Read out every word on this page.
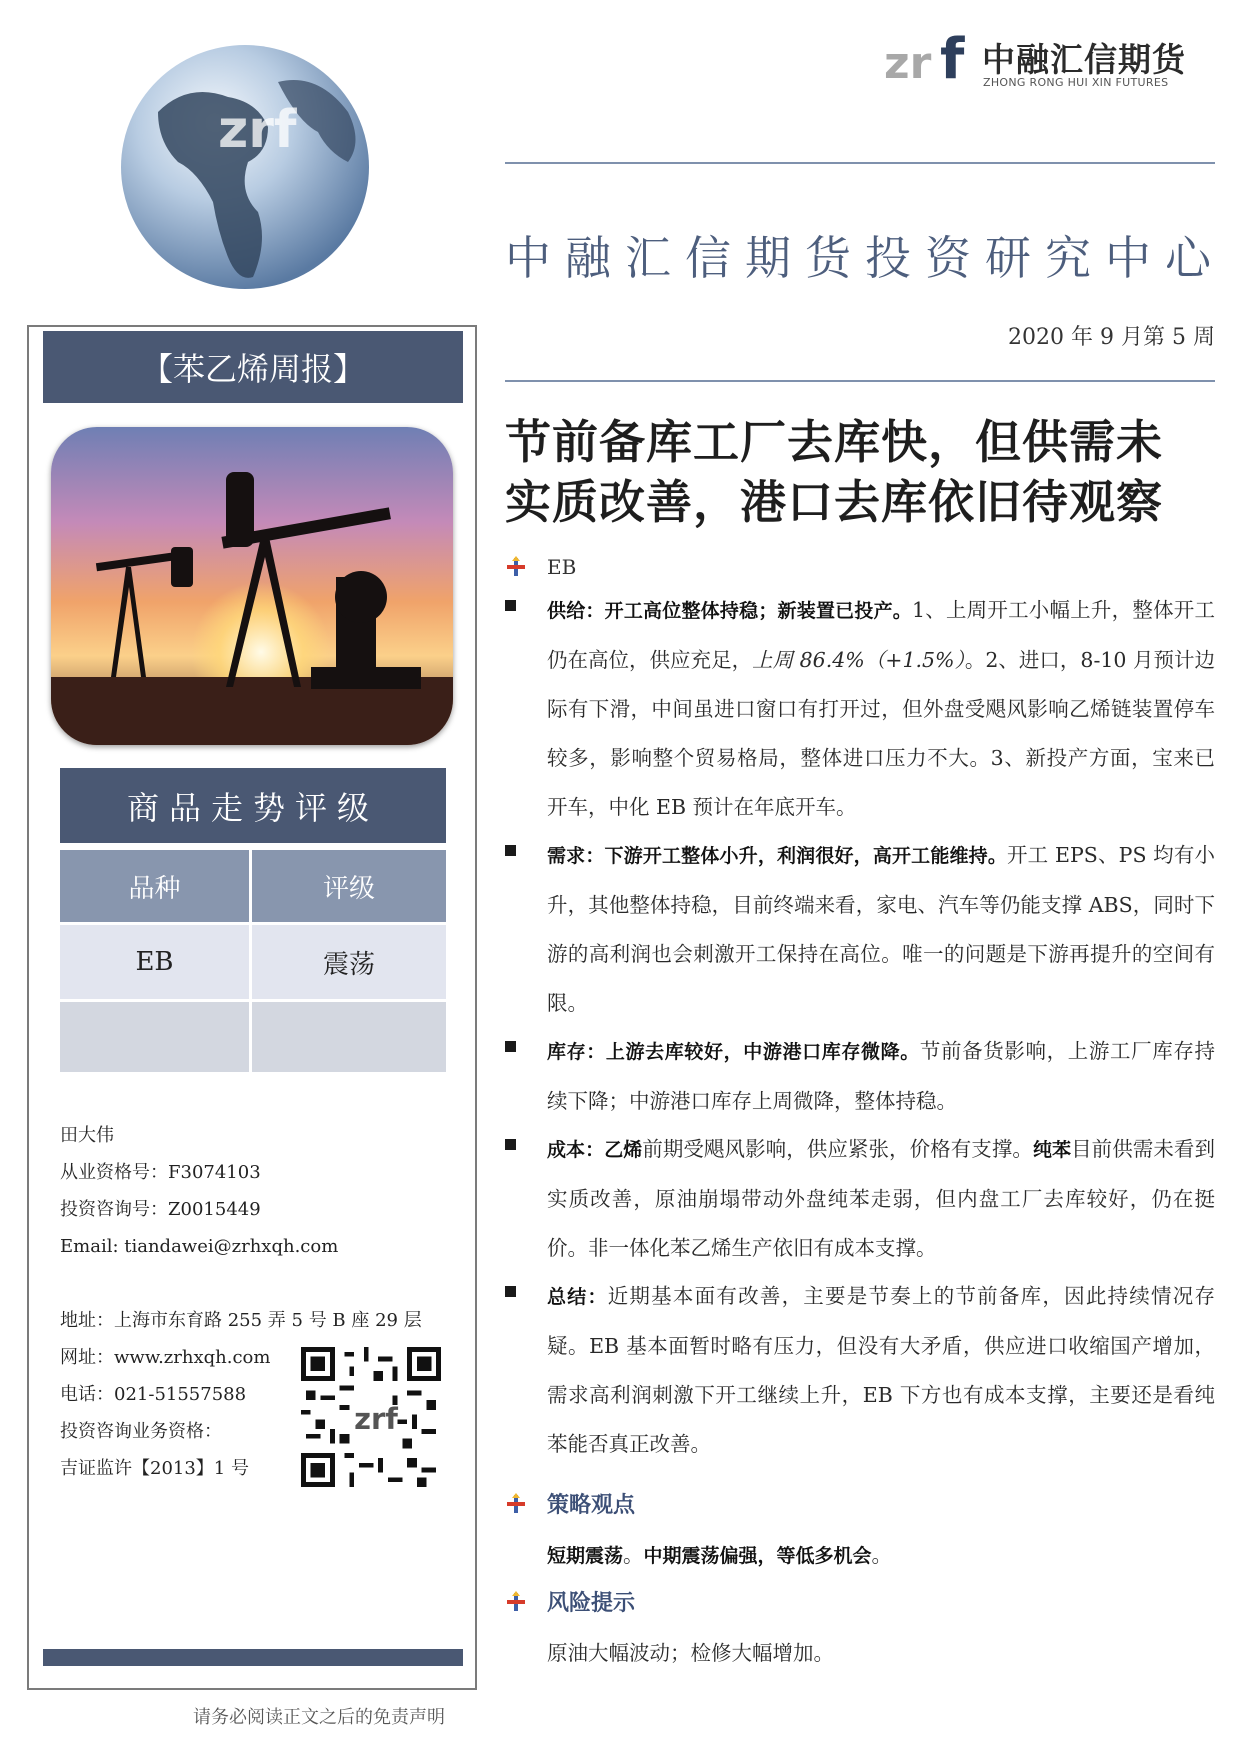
zrf
zr f 中融汇信期货
ZHONG RONG HUI XIN FUTURES
中融汇信期货投资研究中心
2020 年 9 月第 5 周
【苯乙烯周报】
商品走势评级
品种	评级
EB	震荡

田大伟
从业资格号：F3074103
投资咨询号：Z0015449
Email: tiandawei@zrhxqh.com
地址：上海市东育路 255 弄 5 号 B 座 29 层
网址：www.zrhxqh.com
电话：021-51557588
投资咨询业务资格：
吉证监许【2013】1 号
zrf
请务必阅读正文之后的免责声明
节前备库工厂去库快，但供需未
实质改善，港口去库依旧待观察
EB

供给：开工高位整体持稳；新装置已投产。1、上周开工小幅上升，整体开工仍在高位，供应充足，上周 86.4%（+1.5%）。2、进口，8-10 月预计边际有下滑，中间虽进口窗口有打开过，但外盘受飓风影响乙烯链装置停车较多，影响整个贸易格局，整体进口压力不大。3、新投产方面，宝来已开车，中化 EB 预计在年底开车。

需求：下游开工整体小升，利润很好，高开工能维持。开工 EPS、PS 均有小升，其他整体持稳，目前终端来看，家电、汽车等仍能支撑 ABS，同时下游的高利润也会刺激开工保持在高位。唯一的问题是下游再提升的空间有限。

库存：上游去库较好，中游港口库存微降。节前备货影响，上游工厂库存持续下降；中游港口库存上周微降，整体持稳。

成本：乙烯前期受飓风影响，供应紧张，价格有支撑。纯苯目前供需未看到实质改善，原油崩塌带动外盘纯苯走弱，但内盘工厂去库较好，仍在挺价。非一体化苯乙烯生产依旧有成本支撑。

总结：近期基本面有改善，主要是节奏上的节前备库，因此持续情况存疑。EB 基本面暂时略有压力，但没有大矛盾，供应进口收缩国产增加，需求高利润刺激下开工继续上升，EB 下方也有成本支撑，主要还是看纯苯能否真正改善。

策略观点
短期震荡。中期震荡偏强，等低多机会。
风险提示
原油大幅波动；检修大幅增加。
